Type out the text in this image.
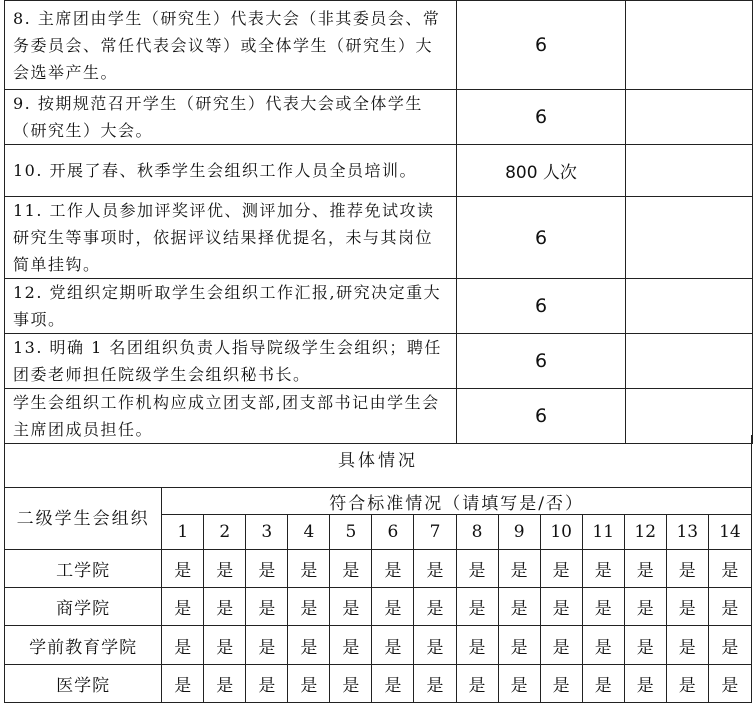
8. 主席团由学生（研究生）代表大会（非其委员会、常务委员会、常任代表会议等）或全体学生（研究生）大会选举产生。	6	
9. 按期规范召开学生（研究生）代表大会或全体学生（研究生）大会。	6	
10. 开展了春、秋季学生会组织工作人员全员培训。	800 人次	
11. 工作人员参加评奖评优、测评加分、推荐免试攻读研究生等事项时，依据评议结果择优提名，未与其岗位简单挂钩。	6	
12. 党组织定期听取学生会组织工作汇报,研究决定重大事项。	6	
13. 明确 1 名团组织负责人指导院级学生会组织；聘任团委老师担任院级学生会组织秘书长。	6	
学生会组织工作机构应成立团支部,团支部书记由学生会主席团成员担任。	6	
具体情况
二级学生会组织	符合标准情况（请填写是/否）													
	1	2	3	4	5	6	7	8	9	10	11	12	13	14
工学院	是	是	是	是	是	是	是	是	是	是	是	是	是	是
商学院	是	是	是	是	是	是	是	是	是	是	是	是	是	是
学前教育学院	是	是	是	是	是	是	是	是	是	是	是	是	是	是
医学院	是	是	是	是	是	是	是	是	是	是	是	是	是	是
